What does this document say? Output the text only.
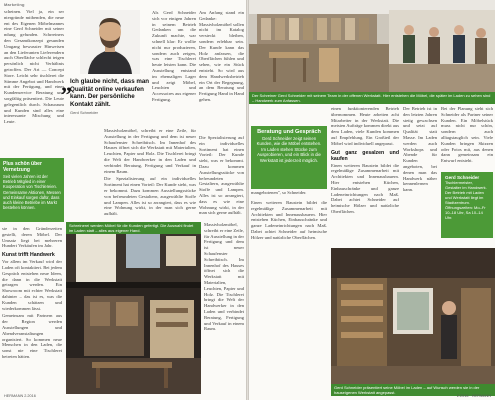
Marketing
scheinen. Viel ja, ein ser ntergründe mitbenden, die neue ent des Eigenen Möbelmannes eine Gerd Schneider mit seiner ndung gefunden. Schrreiners den Gesamtkonzept gesunden Umgang bewusster Hinweisen an den Lieferanten Lieferendern auch Oberfläche schlecht teigen persönlich nicht Verhältnis getroffen. Der Art — Concept Store. Leicht sehr tischlerei die Stimme Angebot und Handwerk mit der Fertigung, und einer Kundenservice Beratung und sorgfältig präsentiert. Die Leute gelegentlich durch. Schauraum und Kunden sind alles eine interessante Mischung und Leute.
„
Ich glaube nicht, dass man Qualität online verkaufen kann. Der persönliche Kontakt zählt.
Gerd Schneider
Als Gerd Schneider sich vor einigen Jahren in seinem Betrieb Gedanken um die Zukunft machte, war schnell klar: Er wollte nicht nur produzieren, sondern auch zeigen, was eine Tischlerei heute leisten kann. Die Ausstellung entstand im ehemaligen Lager und zeigt Möbel, Leuchten und Accessoires aus eigener Fertigung.
Am Anfang stand ein Gedanke: Massivholzmöbel sollen nicht im Katalog versteckt bleiben, sondern erlebbar sein. Der Kunde kann das Holz anfassen, die Oberflächen fühlen und sehen, wie ein Stück entsteht. So wird aus dem Handwerksbetrieb ein Ort der Begegnung, an dem Beratung und Fertigung Hand in Hand gehen.
Massivholzmöbel, schreibt er eine Zeile, für Ausstellung in der Fertigung und dem ist neuer Schaufenster Schreibtisch. Im Innenhof des Hauses öffnet sich die Werkstatt mit Materialien, Leuchten, Papier und Holz. Die Tischlerei bringt die Welt der Handwerker in den Laden und verbindet Beratung, Fertigung und Verkauf in einem Raum.
Die Spezialisierung auf ein individuelles Sortiment hat einen Vorteil: Der Kunde sieht, was er bekommt. Dazu kommen Ausstellungsstücke von befreundeten Gestaltern, ausgewählte Stoffe und Lampen. Alles ist so arrangiert, dass es wie eine Wohnung wirkt, in der man sich gerne aufhält.
Die Spezialisierung auf ein individuelles Sortiment hat einen Vorteil: Der Kunde sieht, was er bekommt. Dazu kommen Ausstellungsstücke von befreundeten Gestaltern, ausgewählte Stoffe und Lampen. Alles ist so arrangiert, dass es wie eine Wohnung wirkt, in der man sich gerne aufhält.
Plus schön über Vernetzung
Seit vielen Jahren ist der Betrieb Mitglied in einer Kooperation von Tischlereien. Gemeinsame Aktionen, Messen und Einkauf sorgen dafür, dass auch kleine Betriebe im Markt bestehen können.
Schreinerei werden Möbel für die Kunden gefertigt. Die Auswahl findet im Laden statt – alles aus eigener Hand.
sie in den Gründerzeiten gestellt, deren Möbel. Der Umsatz liegt bei mehreren Hundert Verkäufen im Jahr.
Kunst trifft Handwerk
Vor allem im Verkauf wird der Laden oft kontaktiert. Bei jedem Gespräch entstehen neue Ideen, die dann in die Werkstatt getragen werden. Ein Showroom mit echter Werkstatt dahinter – das ist es, was die Kunden schätzen und wiederkommen lässt.
Gemeinsam mit Partnern aus der Region werden Ausstellungen und Abendveranstaltungen organisiert. So kommen neue Menschen in den Laden, die sonst nie eine Tischlerei betreten hätten.
Massivholzmöbel, schreibt er eine Zeile, für Ausstellung in der Fertigung und dem ist neuer Schaufenster Schreibtisch. Im Innenhof des Hauses öffnet sich die Werkstatt mit Materialien, Leuchten, Papier und Holz. Die Tischlerei bringt die Welt der Handwerker in den Laden und verbindet Beratung, Fertigung und Verkauf in einem Raum.
HERMANN 2.2016
Der Schreiner Gerd Schneider mit seinem Team in der offenen Werkstatt. Hier entstehen die Möbel, die später im Laden zu sehen sind – Handwerk zum Anfassen.
Beratung und Gespräch
Gerd Schneider zeigt seinen Kunden, wie die Möbel entstehen. Im Laden stehen Stücke zum Ausprobieren, und ein Blick in die Werkstatt ist jederzeit möglich.
mangebotenen", so Schneider.
einen funktionierenden Betrieb übernommen. Heute arbeiten acht Mitarbeiter in der Werkstatt. Die meisten Aufträge kommen direkt aus dem Laden, viele Kunden kommen auf Empfehlung. Ein Großteil der Möbel wird individuell angepasst.
Gut ganz gesalzen und kaufen
Einen weiteren Baustein bildet die regelmäßige Zusammenarbeit mit Architekten und Innenausbauern. Hier entstehen Küchen, Einbauschränke und ganze Ladeneinrichtungen nach Maß. Dabei achtet Schneider auf heimische Hölzer und natürliche Oberflächen.
Einen weiteren Baustein bildet die regelmäßige Zusammenarbeit mit Architekten und Innenausbauern. Hier entstehen Küchen, Einbauschränke und ganze Ladeneinrichtungen nach Maß. Dabei achtet Schneider auf heimische Hölzer und natürliche Oberflächen.
Der Betrieb ist in den letzten Jahren stetig gewachsen und setzt auf Qualität statt Masse. Im Laden werden auch Workshops und Abende für Kunden angeboten, bei denen man das Handwerk näher kennenlernen kann.
Bei der Planung sieht sich Schneider als Partner seiner Kunden. Ein Möbelstück muss nicht nur schön, sondern auch alltagstauglich sein. Viele Kunden bringen Skizzen oder Fotos mit, aus denen dann gemeinsam ein Entwurf entsteht.
Gerd Schneider
Tischlermeister, Gestalter im Handwerk. Der Betrieb mit Laden und Werkstatt liegt im Stadtzentrum. Öffnungszeiten: Mo–Fr 10–18 Uhr, Sa 10–14 Uhr.
Gerd Schneider präsentiert seine Möbel im Laden – auf Wunsch werden sie in der hauseigenen Werkstatt angepasst.
2.2016 · HERMANN
